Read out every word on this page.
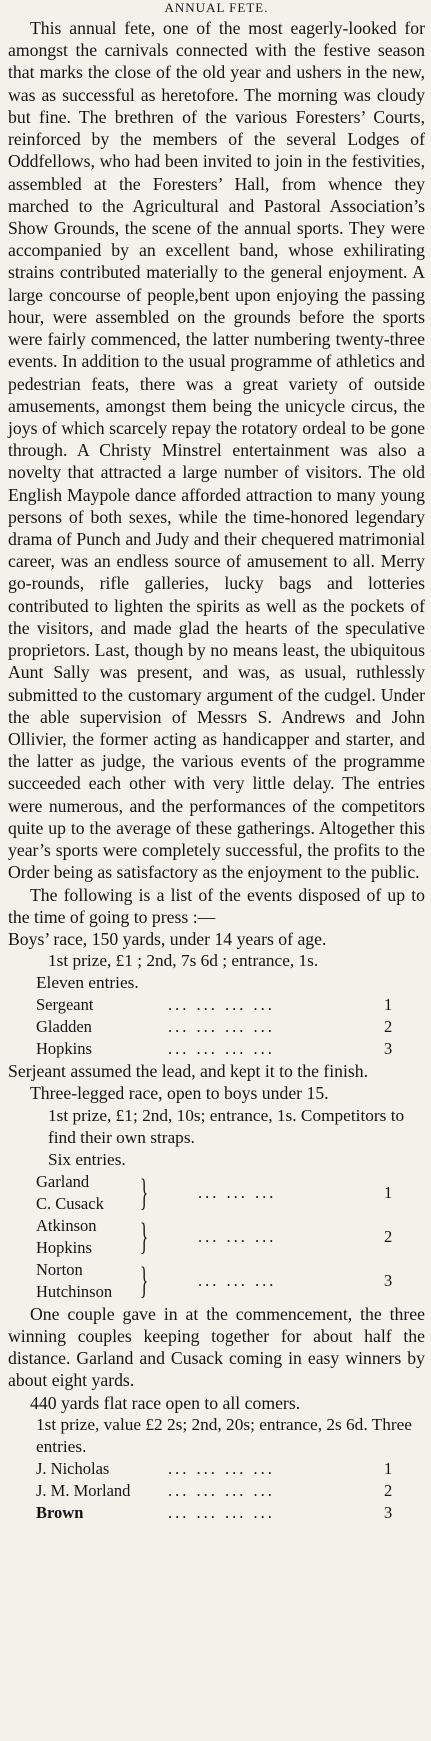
ANNUAL FETE.

This annual fete, one of the most eagerly-looked for amongst the carnivals connected with the festive season that marks the close of the old year and ushers in the new, was as successful as heretofore. The morning was cloudy but fine. The brethren of the various Foresters’ Courts, reinforced by the members of the several Lodges of Oddfellows, who had been invited to join in the festivities, assembled at the Foresters’ Hall, from whence they marched to the Agricultural and Pastoral Association’s Show Grounds, the scene of the annual sports. They were accompanied by an excellent band, whose exhilirating strains contributed materially to the general enjoyment. A large concourse of people,bent upon enjoying the passing hour, were assembled on the grounds before the sports were fairly commenced, the latter numbering twenty-three events. In addition to the usual programme of athletics and pedestrian feats, there was a great variety of outside amusements, amongst them being the unicycle circus, the joys of which scarcely repay the rotatory ordeal to be gone through. A Christy Minstrel entertainment was also a novelty that attracted a large number of visitors. The old English Maypole dance afforded attraction to many young persons of both sexes, while the time-honored legendary drama of Punch and Judy and their chequered matrimonial career, was an endless source of amusement to all. Merry go-rounds, rifle galleries, lucky bags and lotteries contributed to lighten the spirits as well as the pockets of the visitors, and made glad the hearts of the speculative proprietors. Last, though by no means least, the ubiquitous Aunt Sally was present, and was, as usual, ruthlessly submitted to the customary argument of the cudgel. Under the able supervision of Messrs S. Andrews and John Ollivier, the former acting as handicapper and starter, and the latter as judge, the various events of the programme succeeded each other with very little delay. The entries were numerous, and the performances of the competitors quite up to the average of these gatherings. Altogether this year’s sports were completely successful, the profits to the Order being as satisfactory as the enjoyment to the public.

The following is a list of the events disposed of up to the time of going to press :—

Boys’ race, 150 yards, under 14 years of age.

1st prize, £1 ; 2nd, 7s 6d ; entrance, 1s.
Eleven entries.
Sergeant	... ... ... ...	1
Gladden	... ... ... ...	2
Hopkins	... ... ... ...	3

Serjeant assumed the lead, and kept it to the finish.

Three-legged race, open to boys under 15.

1st prize, £1; 2nd, 10s; entrance, 1s. Competitors to find their own straps.
Six entries.
Garland
C. Cusack }	... ... ...	1
Atkinson
Hopkins }	... ... ...	2
Norton
Hutchinson }	... ... ...	3

One couple gave in at the commencement, the three winning couples keeping together for about half the distance. Garland and Cusack coming in easy winners by about eight yards.

440 yards flat race open to all comers.

1st prize, value £2 2s; 2nd, 20s; entrance, 2s 6d. Three entries.
J. Nicholas	... ... ... ...	1
J. M. Morland ... ... ... ...	2
Brown	... ... ... ...	3
